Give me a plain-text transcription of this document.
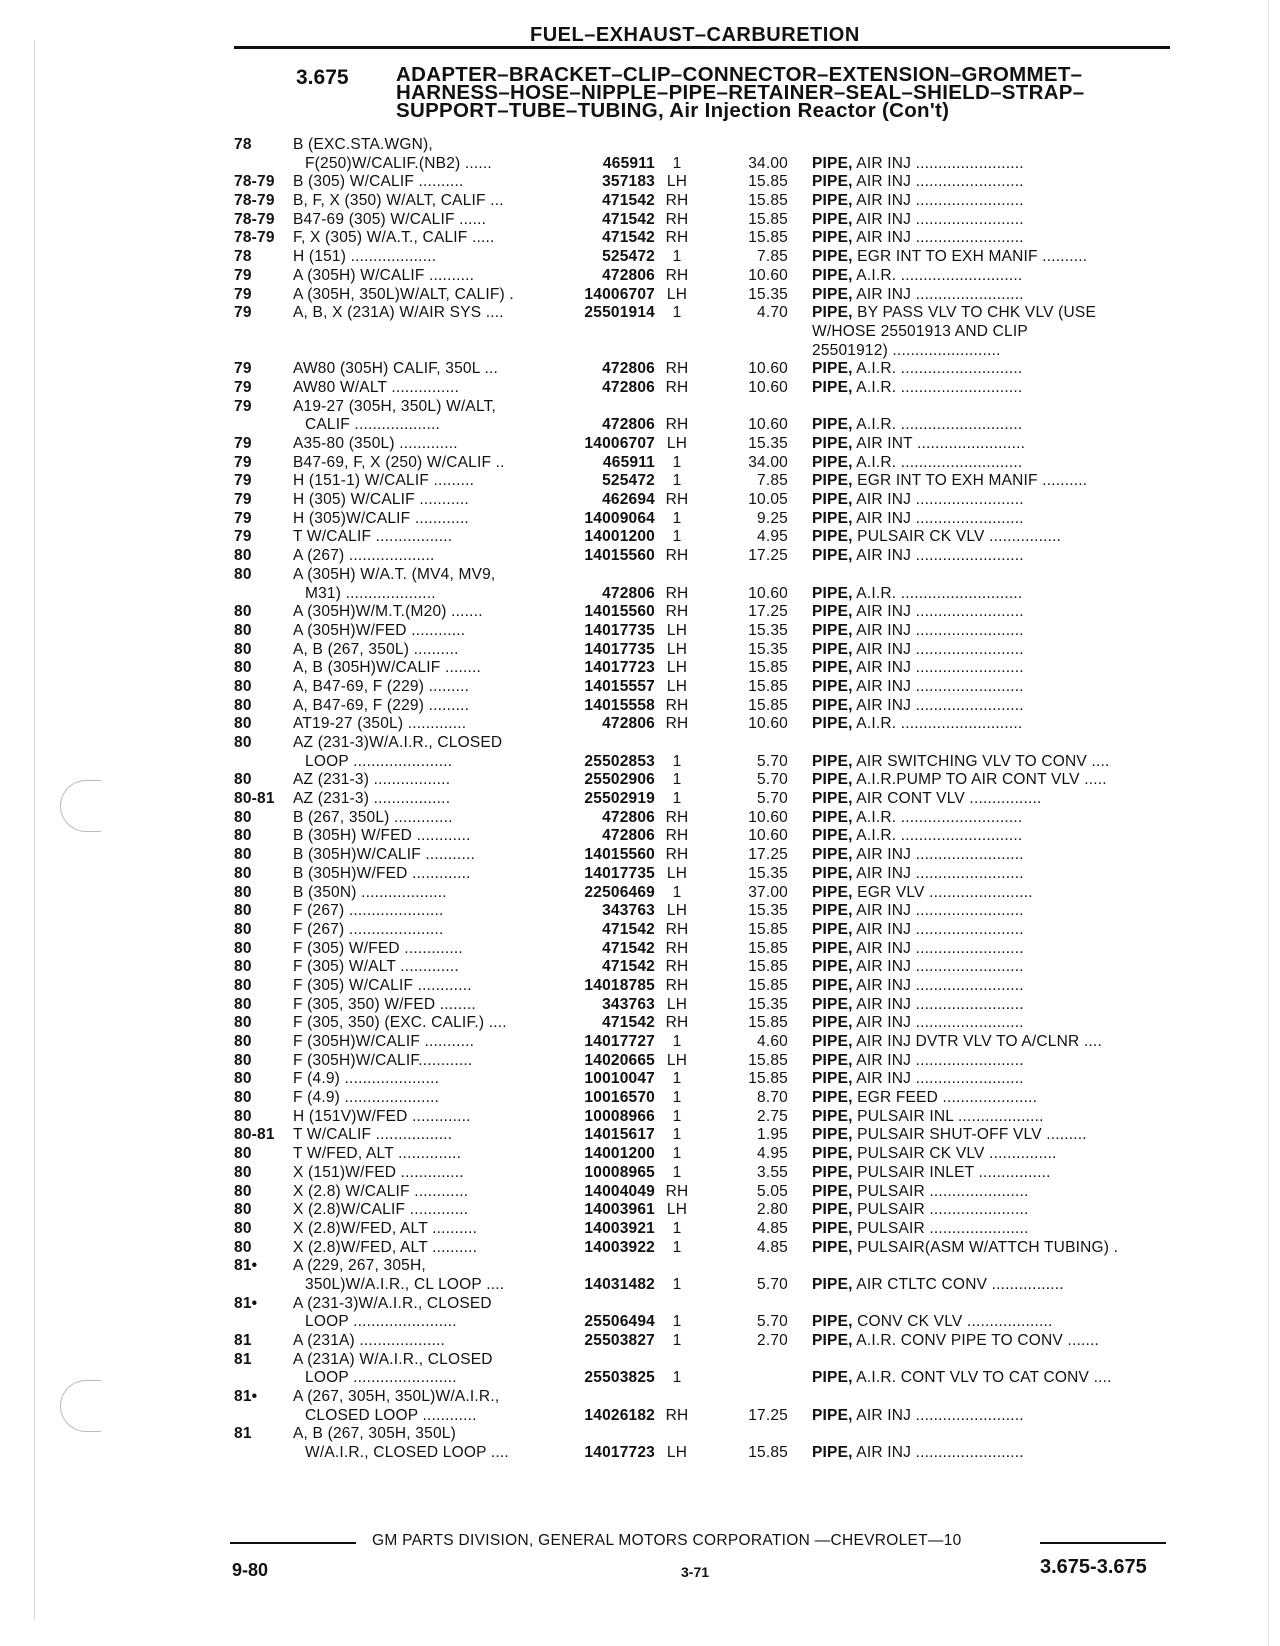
FUEL–EXHAUST–CARBURETION
3.675 ADAPTER–BRACKET–CLIP–CONNECTOR–EXTENSION–GROMMET–HARNESS–HOSE–NIPPLE–PIPE–RETAINER–SEAL–SHIELD–STRAP–SUPPORT–TUBE–TUBING, Air Injection Reactor (Con't)
78	B (EXC.STA.WGN),
F(250)W/CALIF.(NB2) ......	465911	1	34.00 PIPE, AIR INJ ........................
78-79 B (305) W/CALIF ..........	357183 LH	15.85 PIPE, AIR INJ ........................
78-79 B, F, X (350) W/ALT, CALIF ...	471542 RH	15.85 PIPE, AIR INJ ........................
78-79 B47-69 (305) W/CALIF ......	471542 RH	15.85 PIPE, AIR INJ ........................
78-79 F, X (305) W/A.T., CALIF .....	471542 RH	15.85 PIPE, AIR INJ ........................
78	H (151) ...................	525472	1	7.85 PIPE, EGR INT TO EXH MANIF ..........
79	A (305H) W/CALIF ..........	472806 RH	10.60 PIPE, A.I.R. ...........................
79	A (305H, 350L)W/ALT, CALIF) .	14006707 LH	15.35 PIPE, AIR INJ ........................
79	A, B, X (231A) W/AIR SYS ....	25501914	1	4.70 PIPE, BY PASS VLV TO CHK VLV (USE
W/HOSE 25501913 AND CLIP
25501912) ........................
79	AW80 (305H) CALIF, 350L ...	472806 RH	10.60 PIPE, A.I.R. ...........................
79	AW80 W/ALT ...............	472806 RH	10.60 PIPE, A.I.R. ...........................
79	A19-27 (305H, 350L) W/ALT,
CALIF ...................	472806 RH	10.60 PIPE, A.I.R. ...........................
79	A35-80 (350L) .............	14006707 LH	15.35 PIPE, AIR INT ........................
79	B47-69, F, X (250) W/CALIF ..	465911	1	34.00 PIPE, A.I.R. ...........................
79	H (151-1) W/CALIF .........	525472	1	7.85 PIPE, EGR INT TO EXH MANIF ..........
79	H (305) W/CALIF ...........	462694 RH	10.05 PIPE, AIR INJ ........................
79	H (305)W/CALIF ............	14009064	1	9.25 PIPE, AIR INJ ........................
79	T W/CALIF .................	14001200	1	4.95 PIPE, PULSAIR CK VLV ................
80	A (267) ...................	14015560 RH	17.25 PIPE, AIR INJ ........................
80	A (305H) W/A.T. (MV4, MV9,
M31) ....................	472806 RH	10.60 PIPE, A.I.R. ...........................
80	A (305H)W/M.T.(M20) .......	14015560 RH	17.25 PIPE, AIR INJ ........................
80	A (305H)W/FED ............	14017735 LH	15.35 PIPE, AIR INJ ........................
80	A, B (267, 350L) ..........	14017735 LH	15.35 PIPE, AIR INJ ........................
80	A, B (305H)W/CALIF ........	14017723 LH	15.85 PIPE, AIR INJ ........................
80	A, B47-69, F (229) .........	14015557 LH	15.85 PIPE, AIR INJ ........................
80	A, B47-69, F (229) .........	14015558 RH	15.85 PIPE, AIR INJ ........................
80	AT19-27 (350L) .............	472806 RH	10.60 PIPE, A.I.R. ...........................
80	AZ (231-3)W/A.I.R., CLOSED
LOOP ......................	25502853	1	5.70 PIPE, AIR SWITCHING VLV TO CONV ....
80	AZ (231-3) .................	25502906	1	5.70 PIPE, A.I.R.PUMP TO AIR CONT VLV .....
80-81 AZ (231-3) .................	25502919	1	5.70 PIPE, AIR CONT VLV ................
80	B (267, 350L) .............	472806 RH	10.60 PIPE, A.I.R. ...........................
80	B (305H) W/FED ............	472806 RH	10.60 PIPE, A.I.R. ...........................
80	B (305H)W/CALIF ...........	14015560 RH	17.25 PIPE, AIR INJ ........................
80	B (305H)W/FED .............	14017735 LH	15.35 PIPE, AIR INJ ........................
80	B (350N) ...................	22506469	1	37.00 PIPE, EGR VLV .......................
80	F (267) .....................	343763 LH	15.35 PIPE, AIR INJ ........................
80	F (267) .....................	471542 RH	15.85 PIPE, AIR INJ ........................
80	F (305) W/FED .............	471542 RH	15.85 PIPE, AIR INJ ........................
80	F (305) W/ALT .............	471542 RH	15.85 PIPE, AIR INJ ........................
80	F (305) W/CALIF ............	14018785 RH	15.85 PIPE, AIR INJ ........................
80	F (305, 350) W/FED ........	343763 LH	15.35 PIPE, AIR INJ ........................
80	F (305, 350) (EXC. CALIF.) ....	471542 RH	15.85 PIPE, AIR INJ ........................
80	F (305H)W/CALIF ...........	14017727	1	4.60 PIPE, AIR INJ DVTR VLV TO A/CLNR ....
80	F (305H)W/CALIF............	14020665 LH	15.85 PIPE, AIR INJ ........................
80	F (4.9) .....................	10010047	1	15.85 PIPE, AIR INJ ........................
80	F (4.9) .....................	10016570	1	8.70 PIPE, EGR FEED .....................
80	H (151V)W/FED .............	10008966	1	2.75 PIPE, PULSAIR INL ...................
80-81 T W/CALIF .................	14015617	1	1.95 PIPE, PULSAIR SHUT-OFF VLV .........
80	T W/FED, ALT ..............	14001200	1	4.95 PIPE, PULSAIR CK VLV ...............
80	X (151)W/FED ..............	10008965	1	3.55 PIPE, PULSAIR INLET ................
80	X (2.8) W/CALIF ............	14004049 RH	5.05 PIPE, PULSAIR ......................
80	X (2.8)W/CALIF .............	14003961 LH	2.80 PIPE, PULSAIR ......................
80	X (2.8)W/FED, ALT ..........	14003921	1	4.85 PIPE, PULSAIR ......................
80	X (2.8)W/FED, ALT ..........	14003922	1	4.85 PIPE, PULSAIR(ASM W/ATTCH TUBING) .
81• A (229, 267, 305H,
350L)W/A.I.R., CL LOOP ....	14031482	1	5.70 PIPE, AIR CTLTC CONV ................
81• A (231-3)W/A.I.R., CLOSED
LOOP .......................	25506494	1	5.70 PIPE, CONV CK VLV ...................
81	A (231A) ...................	25503827	1	2.70 PIPE, A.I.R. CONV PIPE TO CONV .......
81	A (231A) W/A.I.R., CLOSED
LOOP .......................	25503825	1	PIPE, A.I.R. CONT VLV TO CAT CONV ....
81• A (267, 305H, 350L)W/A.I.R.,
CLOSED LOOP ............	14026182 RH	17.25 PIPE, AIR INJ ........................
81	A, B (267, 305H, 350L)
W/A.I.R., CLOSED LOOP ....	14017723 LH	15.85 PIPE, AIR INJ ........................
GM PARTS DIVISION, GENERAL MOTORS CORPORATION —CHEVROLET—10
9-80	3-71	3.675-3.675
